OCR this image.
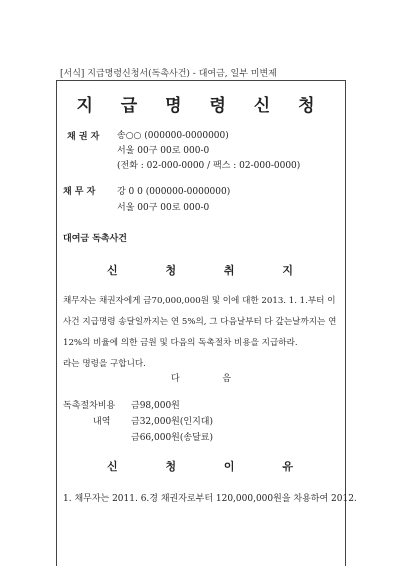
[서식] 지급명령신청서(독촉사건) - 대여금, 일부 미변제
지 급 명 령 신 청
채 권 자 송○○ (000000-0000000)
서울 00구 00로 000-0
(전화 : 02-000-0000 / 팩스 : 02-000-0000)
채 무 자 강 0 0 (000000-0000000)
서울 00구 00로 000-0
대여금 독촉사건
신 청 취 지
채무자는 채권자에게 금70,000,000원 및 이에 대한 2013. 1. 1.부터 이
사건 지급명령 송달일까지는 연 5%의, 그 다음날부터 다 갚는날까지는 연
12%의 비율에 의한 금원 및 다음의 독촉절차 비용을 지급하라.
라는 명령을 구합니다.
다 음
독촉절차비용 금98,000원
내역 금32,000원(인지대)
금66,000원(송달료)
신 청 이 유
1. 채무자는 2011. 6.경 채권자로부터 120,000,000원을 차용하여 2012.
